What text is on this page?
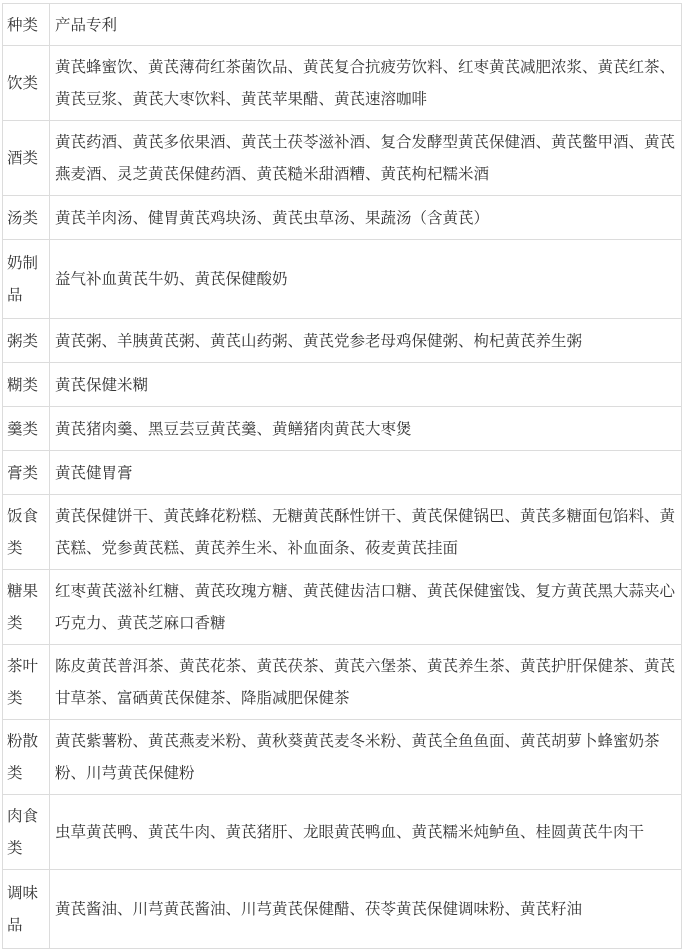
种类	产品专利
饮类	黄芪蜂蜜饮、黄芪薄荷红茶菌饮品、黄芪复合抗疲劳饮料、红枣黄芪减肥浓浆、黄芪红茶、黄芪豆浆、黄芪大枣饮料、黄芪苹果醋、黄芪速溶咖啡
酒类	黄芪药酒、黄芪多依果酒、黄芪土茯苓滋补酒、复合发酵型黄芪保健酒、黄芪鳖甲酒、黄芪燕麦酒、灵芝黄芪保健药酒、黄芪糙米甜酒糟、黄芪枸杞糯米酒
汤类	黄芪羊肉汤、健胃黄芪鸡块汤、黄芪虫草汤、果蔬汤（含黄芪）
奶制品	益气补血黄芪牛奶、黄芪保健酸奶
粥类	黄芪粥、羊胰黄芪粥、黄芪山药粥、黄芪党参老母鸡保健粥、枸杞黄芪养生粥
糊类	黄芪保健米糊
羹类	黄芪猪肉羹、黑豆芸豆黄芪羹、黄鳝猪肉黄芪大枣煲
膏类	黄芪健胃膏
饭食类	黄芪保健饼干、黄芪蜂花粉糕、无糖黄芪酥性饼干、黄芪保健锅巴、黄芪多糖面包馅料、黄芪糕、党参黄芪糕、黄芪养生米、补血面条、莜麦黄芪挂面
糖果类	红枣黄芪滋补红糖、黄芪玫瑰方糖、黄芪健齿洁口糖、黄芪保健蜜饯、复方黄芪黑大蒜夹心巧克力、黄芪芝麻口香糖
茶叶类	陈皮黄芪普洱茶、黄芪花茶、黄芪茯茶、黄芪六堡茶、黄芪养生茶、黄芪护肝保健茶、黄芪甘草茶、富硒黄芪保健茶、降脂减肥保健茶
粉散类	黄芪紫薯粉、黄芪燕麦米粉、黄秋葵黄芪麦冬米粉、黄芪全鱼鱼面、黄芪胡萝卜蜂蜜奶茶粉、川芎黄芪保健粉
肉食类	虫草黄芪鸭、黄芪牛肉、黄芪猪肝、龙眼黄芪鸭血、黄芪糯米炖鲈鱼、桂圆黄芪牛肉干
调味品	黄芪酱油、川芎黄芪酱油、川芎黄芪保健醋、茯苓黄芪保健调味粉、黄芪籽油
